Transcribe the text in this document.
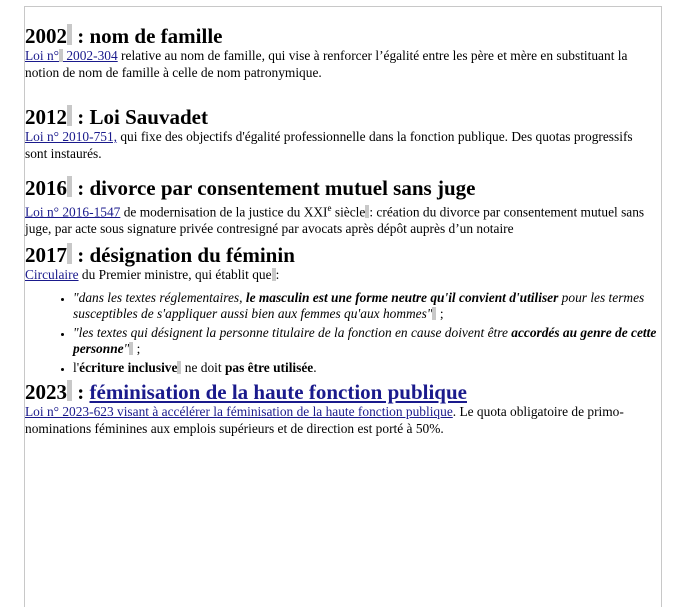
2002 : nom de famille

Loi n° 2002-304 relative au nom de famille, qui vise à renforcer l’égalité entre les père et mère en substituant la notion de nom de famille à celle de nom patronymique.

2012 : Loi Sauvadet

Loi n° 2010-751, qui fixe des objectifs d'égalité professionnelle dans la fonction publique. Des quotas progressifs sont instaurés.

2016 : divorce par consentement mutuel sans juge

Loi n° 2016-1547 de modernisation de la justice du XXIe siècle : création du divorce par consentement mutuel sans juge, par acte sous signature privée contresigné par avocats après dépôt auprès d’un notaire

2017 : désignation du féminin

Circulaire du Premier ministre, qui établit que :

• "dans les textes réglementaires, le masculin est une forme neutre qu'il convient d'utiliser pour les termes susceptibles de s'appliquer aussi bien aux femmes qu'aux hommes" ;
• "les textes qui désignent la personne titulaire de la fonction en cause doivent être accordés au genre de cette personne" ;
• l'écriture inclusive ne doit pas être utilisée.
2023 : féminisation de la haute fonction publique

Loi n° 2023-623 visant à accélérer la féminisation de la haute fonction publique. Le quota obligatoire de primo-nominations féminines aux emplois supérieurs et de direction est porté à 50%.
